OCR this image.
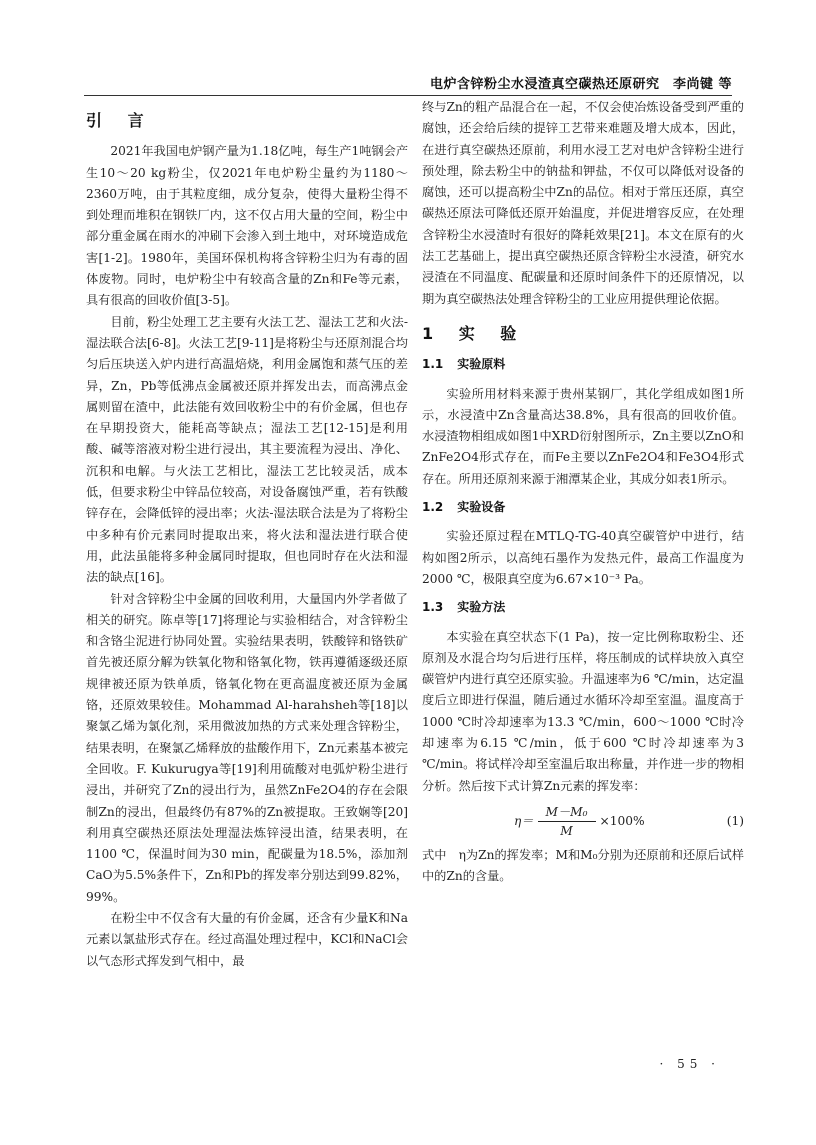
电炉含锌粉尘水浸渣真空碳热还原研究　李尚键 等
引 言

2021年我国电炉钢产量为1.18亿吨，每生产1吨钢会产生10～20 kg粉尘，仅2021年电炉粉尘量约为1180～2360万吨，由于其粒度细，成分复杂，使得大量粉尘得不到处理而堆积在钢铁厂内，这不仅占用大量的空间，粉尘中部分重金属在雨水的冲刷下会渗入到土地中，对环境造成危害[1-2]。1980年，美国环保机构将含锌粉尘归为有毒的固体废物。同时，电炉粉尘中有较高含量的Zn和Fe等元素，具有很高的回收价值[3-5]。

目前，粉尘处理工艺主要有火法工艺、湿法工艺和火法-湿法联合法[6-8]。火法工艺[9-11]是将粉尘与还原剂混合均匀后压块送入炉内进行高温焙烧，利用金属饱和蒸气压的差异，Zn，Pb等低沸点金属被还原并挥发出去，而高沸点金属则留在渣中，此法能有效回收粉尘中的有价金属，但也存在早期投资大，能耗高等缺点；湿法工艺[12-15]是利用酸、碱等溶液对粉尘进行浸出，其主要流程为浸出、净化、沉积和电解。与火法工艺相比，湿法工艺比较灵活，成本低，但要求粉尘中锌品位较高，对设备腐蚀严重，若有铁酸锌存在，会降低锌的浸出率；火法-湿法联合法是为了将粉尘中多种有价元素同时提取出来，将火法和湿法进行联合使用，此法虽能将多种金属同时提取，但也同时存在火法和湿法的缺点[16]。

针对含锌粉尘中金属的回收利用，大量国内外学者做了相关的研究。陈卓等[17]将理论与实验相结合，对含锌粉尘和含铬尘泥进行协同处置。实验结果表明，铁酸锌和铬铁矿首先被还原分解为铁氧化物和铬氧化物，铁再遵循逐级还原规律被还原为铁单质，铬氧化物在更高温度被还原为金属铬，还原效果较佳。Mohammad Al-harahsheh等[18]以聚氯乙烯为氯化剂，采用微波加热的方式来处理含锌粉尘，结果表明，在聚氯乙烯释放的盐酸作用下，Zn元素基本被完全回收。F. Kukurugya等[19]利用硫酸对电弧炉粉尘进行浸出，并研究了Zn的浸出行为，虽然ZnFe2O4的存在会限制Zn的浸出，但最终仍有87%的Zn被提取。王致娴等[20]利用真空碳热还原法处理湿法炼锌浸出渣，结果表明，在1100 ℃，保温时间为30 min，配碳量为18.5%，添加剂CaO为5.5%条件下，Zn和Pb的挥发率分别达到99.82%，99%。

在粉尘中不仅含有大量的有价金属，还含有少量K和Na元素以氯盐形式存在。经过高温处理过程中，KCl和NaCl会以气态形式挥发到气相中，最

终与Zn的粗产品混合在一起，不仅会使冶炼设备受到严重的腐蚀，还会给后续的提锌工艺带来难题及增大成本，因此，在进行真空碳热还原前，利用水浸工艺对电炉含锌粉尘进行预处理，除去粉尘中的钠盐和钾盐，不仅可以降低对设备的腐蚀，还可以提高粉尘中Zn的品位。相对于常压还原，真空碳热还原法可降低还原开始温度，并促进增容反应，在处理含锌粉尘水浸渣时有很好的降耗效果[21]。本文在原有的火法工艺基础上，提出真空碳热还原含锌粉尘水浸渣，研究水浸渣在不同温度、配碳量和还原时间条件下的还原情况，以期为真空碳热法处理含锌粉尘的工业应用提供理论依据。

1 实 验
1.1 实验原料

实验所用材料来源于贵州某钢厂，其化学组成如图1所示，水浸渣中Zn含量高达38.8%，具有很高的回收价值。水浸渣物相组成如图1中XRD衍射图所示，Zn主要以ZnO和ZnFe2O4形式存在，而Fe主要以ZnFe2O4和Fe3O4形式存在。所用还原剂来源于湘潭某企业，其成分如表1所示。

1.2 实验设备

实验还原过程在MTLQ-TG-40真空碳管炉中进行，结构如图2所示，以高纯石墨作为发热元件，最高工作温度为2000 ℃，极限真空度为6.67×10⁻³ Pa。

1.3 实验方法

本实验在真空状态下(1 Pa)，按一定比例称取粉尘、还原剂及水混合均匀后进行压样，将压制成的试样块放入真空碳管炉内进行真空还原实验。升温速率为6 ℃/min，达定温度后立即进行保温，随后通过水循环冷却至室温。温度高于1000 ℃时冷却速率为13.3 ℃/min，600～1000 ℃时冷却速率为6.15 ℃/min，低于600 ℃时冷却速率为3 ℃/min。将试样冷却至室温后取出称量，并作进一步的物相分析。然后按下式计算Zn元素的挥发率：

$\eta= \frac{\text{M－M₀}}{M} \times 100\%$	(1)

式中　η为Zn的挥发率；M和M₀分别为还原前和还原后试样中的Zn的含量。

· 55 ·
